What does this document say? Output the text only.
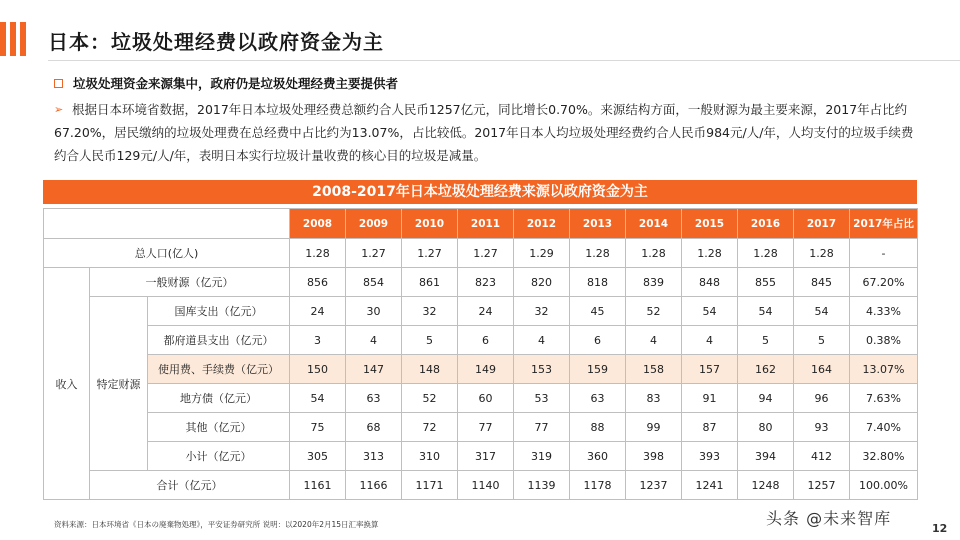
日本：垃圾处理经费以政府资金为主
垃圾处理资金来源集中，政府仍是垃圾处理经费主要提供者
➢ 根据日本环境省数据，2017年日本垃圾处理经费总额约合人民币1257亿元，同比增长0.70%。来源结构方面，一般财源为最主要来源，2017年占比约67.20%，居民缴纳的垃圾处理费在总经费中占比约为13.07%，占比较低。2017年日本人均垃圾处理经费约合人民币984元/人/年，人均支付的垃圾手续费约合人民币129元/人/年，表明日本实行垃圾计量收费的核心目的垃圾是减量。

2008-2017年日本垃圾处理经费来源以政府资金为主
			2008	2009	2010	2011	2012	2013	2014	2015	2016	2017	2017年占比
总人口(亿人)			1.28	1.27	1.27	1.27	1.29	1.28	1.28	1.28	1.28	1.28	-
收入	一般财源（亿元）		856	854	861	823	820	818	839	848	855	845	67.20%
	特定财源	国库支出（亿元）	24	30	32	24	32	45	52	54	54	54	4.33%
		都府道县支出（亿元）	3	4	5	6	4	6	4	4	5	5	0.38%
		使用费、手续费（亿元）	150	147	148	149	153	159	158	157	162	164	13.07%
		地方债（亿元）	54	63	52	60	53	63	83	91	94	96	7.63%
		其他（亿元）	75	68	72	77	77	88	99	87	80	93	7.40%
		小计（亿元）	305	313	310	317	319	360	398	393	394	412	32.80%
	合计（亿元）		1161	1166	1171	1140	1139	1178	1237	1241	1248	1257	100.00%
资料来源：日本环境省《日本の廃棄物処理》，平安证券研究所 说明：以2020年2月15日汇率换算	头条 @未来智库
12
